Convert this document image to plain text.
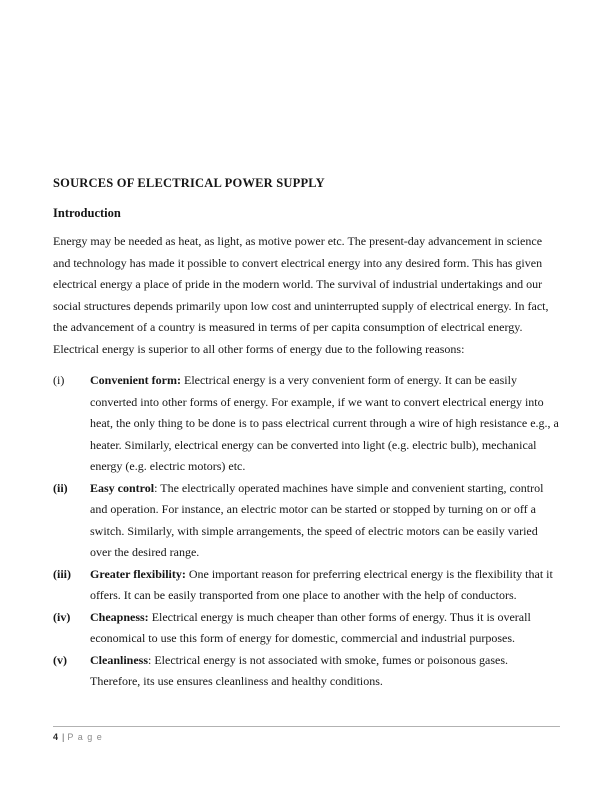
SOURCES OF ELECTRICAL POWER SUPPLY
Introduction

Energy may be needed as heat, as light, as motive power etc. The present-day advancement in science and technology has made it possible to convert electrical energy into any desired form. This has given electrical energy a place of pride in the modern world. The survival of industrial undertakings and our social structures depends primarily upon low cost and uninterrupted supply of electrical energy. In fact, the advancement of a country is measured in terms of per capita consumption of electrical energy. Electrical energy is superior to all other forms of energy due to the following reasons:

(i)	Convenient form: Electrical energy is a very convenient form of energy. It can be easily converted into other forms of energy. For example, if we want to convert electrical energy into heat, the only thing to be done is to pass electrical current through a wire of high resistance e.g., a heater. Similarly, electrical energy can be converted into light (e.g. electric bulb), mechanical energy (e.g. electric motors) etc.
(ii)	Easy control: The electrically operated machines have simple and convenient starting, control and operation. For instance, an electric motor can be started or stopped by turning on or off a switch. Similarly, with simple arrangements, the speed of electric motors can be easily varied over the desired range.
(iii)	Greater flexibility: One important reason for preferring electrical energy is the flexibility that it offers. It can be easily transported from one place to another with the help of conductors.
(iv)	Cheapness: Electrical energy is much cheaper than other forms of energy. Thus it is overall economical to use this form of energy for domestic, commercial and industrial purposes.
(v)	Cleanliness: Electrical energy is not associated with smoke, fumes or poisonous gases. Therefore, its use ensures cleanliness and healthy conditions.
4 | P a g e
